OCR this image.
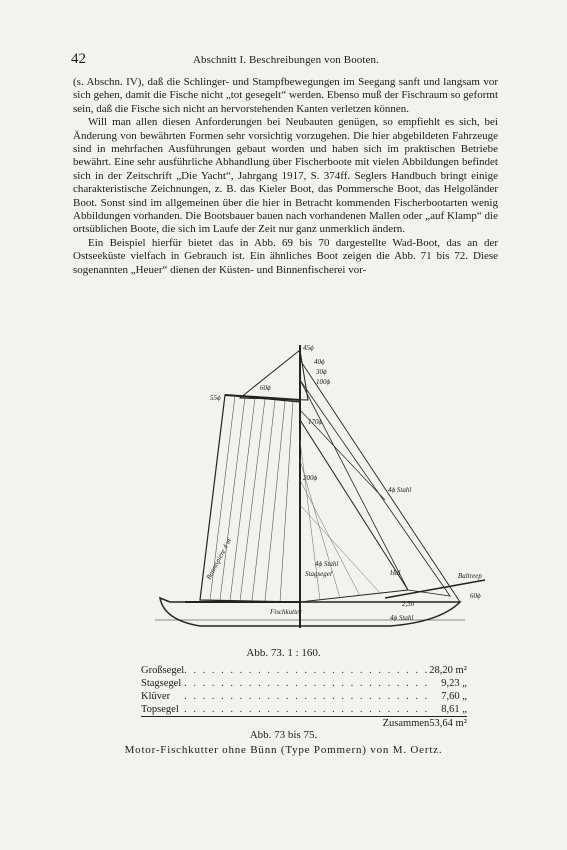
42	Abschnitt I. Beschreibungen von Booten.

(s. Abschn. IV), daß die Schlinger- und Stampfbewegungen im Seegang sanft und langsam vor sich gehen, damit die Fische nicht „tot gesegelt“ werden. Ebenso muß der Fischraum so geformt sein, daß die Fische sich nicht an hervorstehenden Kanten verletzen können.

Will man allen diesen Anforderungen bei Neubauten genügen, so empfiehlt es sich, bei Änderung von bewährten Formen sehr vorsichtig vorzugehen. Die hier abgebildeten Fahrzeuge sind in mehrfachen Ausführungen gebaut worden und haben sich im praktischen Betriebe bewährt. Eine sehr ausführliche Abhandlung über Fischerboote mit vielen Abbildungen befindet sich in der Zeitschrift „Die Yacht“, Jahrgang 1917, S. 374ff. Seglers Handbuch bringt einige charakteristische Zeichnungen, z. B. das Kieler Boot, das Pommersche Boot, das Helgoländer Boot. Sonst sind im allgemeinen über die hier in Betracht kommenden Fischerbootarten wenig Abbildungen vorhanden. Die Bootsbauer bauen nach vorhandenen Mallen oder „auf Klamp“ die ortsüblichen Boote, die sich im Laufe der Zeit nur ganz unmerklich ändern.

Ein Beispiel hierfür bietet das in Abb. 69 bis 70 dargestellte Wad-Boot, das an der Ostseeküste vielfach in Gebrauch ist. Ein ähnliches Boot zeigen die Abb. 71 bis 72. Diese sogenannten „Heuer“ dienen der Küsten- und Binnenfischerei vor-

45ϕ
40ϕ
30ϕ
100ϕ
60ϕ
55ϕ
170ϕ
4ϕ Stahl
200ϕ
4ϕ Stahl
Baumspiere 4 m	Stagsegel	Baltreep
4ϕ Stahl
2,50
Fischkutter
60ϕ
Hal
Abb. 73. 1 : 160.
Großsegel	. . . . . . . . . . . . . . . . . . . . . . . . . . .	28,20 m²
Stagsegel	. . . . . . . . . . . . . . . . . . . . . . . . . . .	9,23 „
Klüver	. . . . . . . . . . . . . . . . . . . . . . . . . . .	7,60 „
Topsegel	. . . . . . . . . . . . . . . . . . . . . . . . . . .	8,61 „
	Zusammen	53,64 m²
Abb. 73 bis 75.
Motor-Fischkutter ohne Bünn (Type Pommern) von M. Oertz.
